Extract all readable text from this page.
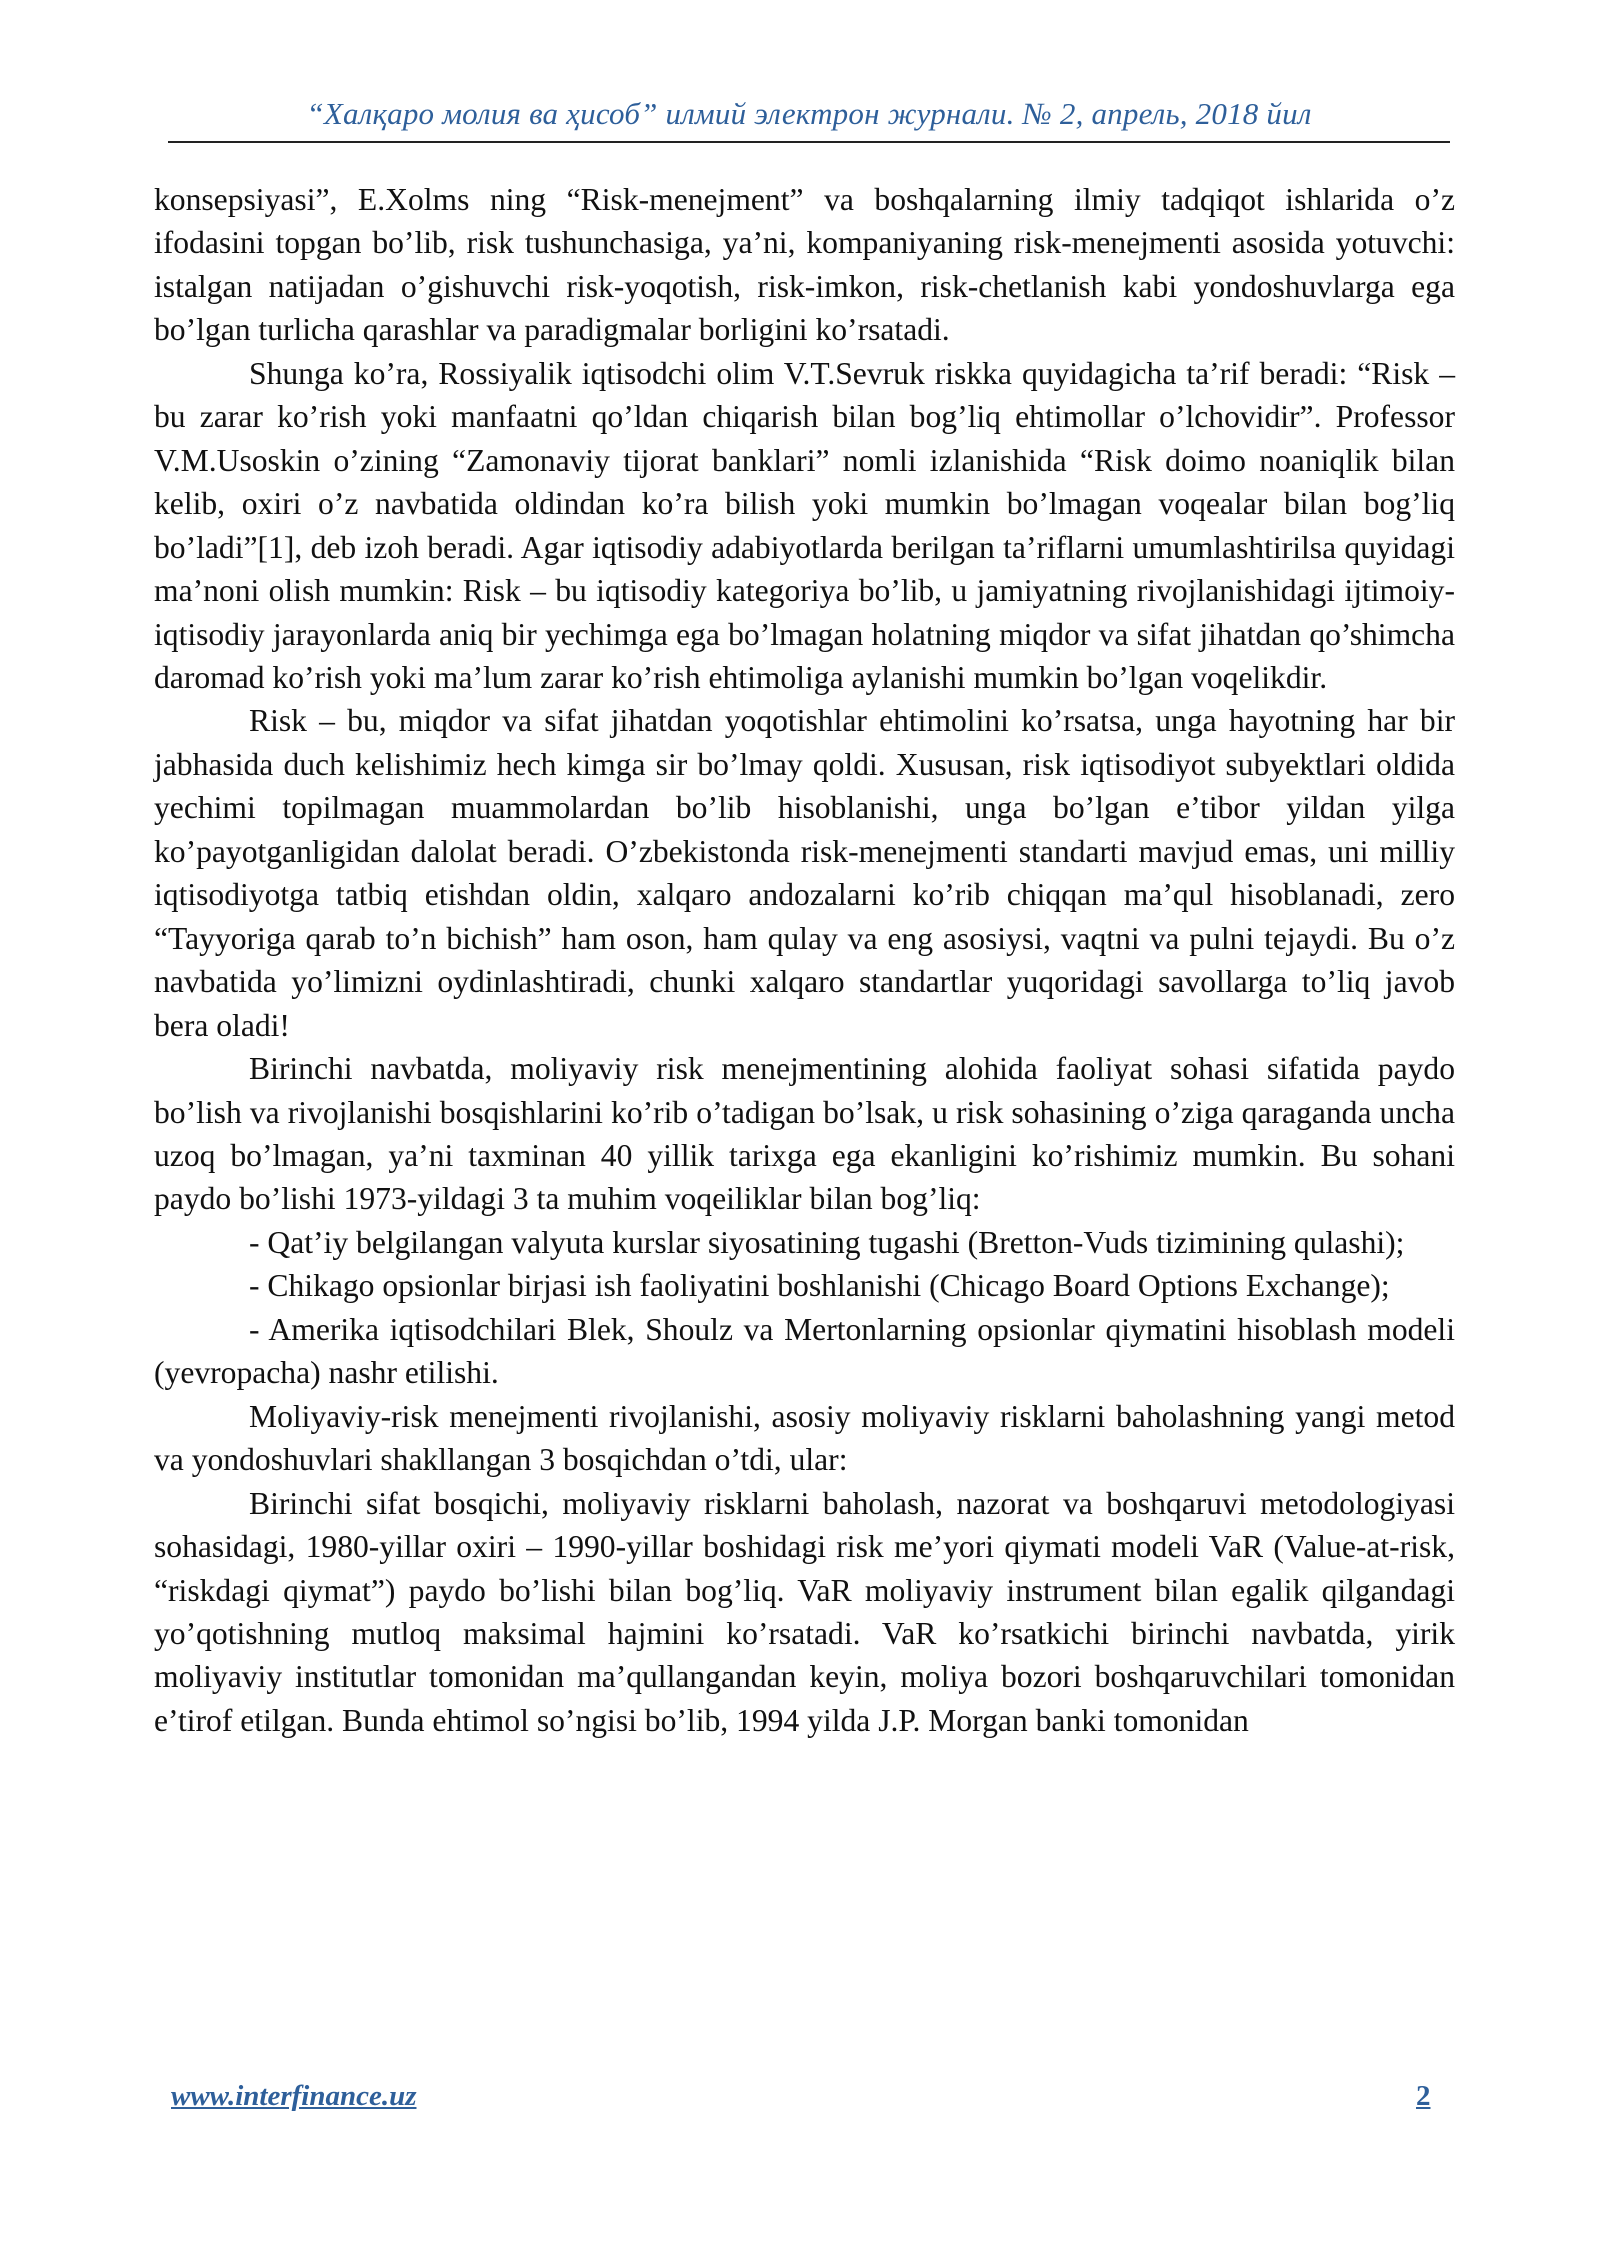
“Халқаро молия ва ҳисоб” илмий электрон журнали. № 2, апрель, 2018 йил

konsepsiyasi”, E.Xolms ning “Risk-menejment” va boshqalarning ilmiy tadqiqot ishlarida o’z ifodasini topgan bo’lib, risk tushunchasiga, ya’ni, kompaniyaning risk-menejmenti asosida yotuvchi: istalgan natijadan o’gishuvchi risk-yoqotish, risk-imkon, risk-chetlanish kabi yondoshuvlarga ega bo’lgan turlicha qarashlar va paradigmalar borligini ko’rsatadi.

Shunga ko’ra, Rossiyalik iqtisodchi olim V.T.Sevruk riskka quyidagicha ta’rif beradi: “Risk – bu zarar ko’rish yoki manfaatni qo’ldan chiqarish bilan bog’liq ehtimollar o’lchovidir”. Professor V.M.Usoskin o’zining “Zamonaviy tijorat banklari” nomli izlanishida “Risk doimo noaniqlik bilan kelib, oxiri o’z navbatida oldindan ko’ra bilish yoki mumkin bo’lmagan voqealar bilan bog’liq bo’ladi”[1], deb izoh beradi. Agar iqtisodiy adabiyotlarda berilgan ta’riflarni umumlashtirilsa quyidagi ma’noni olish mumkin: Risk – bu iqtisodiy kategoriya bo’lib, u jamiyatning rivojlanishidagi ijtimoiy-iqtisodiy jarayonlarda aniq bir yechimga ega bo’lmagan holatning miqdor va sifat jihatdan qo’shimcha daromad ko’rish yoki ma’lum zarar ko’rish ehtimoliga aylanishi mumkin bo’lgan voqelikdir.

Risk – bu, miqdor va sifat jihatdan yoqotishlar ehtimolini ko’rsatsa, unga hayotning har bir jabhasida duch kelishimiz hech kimga sir bo’lmay qoldi. Xususan, risk iqtisodiyot subyektlari oldida yechimi topilmagan muammolardan bo’lib hisoblanishi, unga bo’lgan e’tibor yildan yilga ko’payotganligidan dalolat beradi. O’zbekistonda risk-menejmenti standarti mavjud emas, uni milliy iqtisodiyotga tatbiq etishdan oldin, xalqaro andozalarni ko’rib chiqqan ma’qul hisoblanadi, zero “Tayyoriga qarab to’n bichish” ham oson, ham qulay va eng asosiysi, vaqtni va pulni tejaydi. Bu o’z navbatida yo’limizni oydinlashtiradi, chunki xalqaro standartlar yuqoridagi savollarga to’liq javob bera oladi!

Birinchi navbatda, moliyaviy risk menejmentining alohida faoliyat sohasi sifatida paydo bo’lish va rivojlanishi bosqishlarini ko’rib o’tadigan bo’lsak, u risk sohasining o’ziga qaraganda uncha uzoq bo’lmagan, ya’ni taxminan 40 yillik tarixga ega ekanligini ko’rishimiz mumkin. Bu sohani paydo bo’lishi 1973-yildagi 3 ta muhim voqeiliklar bilan bog’liq:

- Qat’iy belgilangan valyuta kurslar siyosatining tugashi (Bretton-Vuds tizimining qulashi);

- Chikago opsionlar birjasi ish faoliyatini boshlanishi (Chicago Board Options Exchange);

- Amerika iqtisodchilari Blek, Shoulz va Mertonlarning opsionlar qiymatini hisoblash modeli (yevropacha) nashr etilishi.

Moliyaviy-risk menejmenti rivojlanishi, asosiy moliyaviy risklarni baholashning yangi metod va yondoshuvlari shakllangan 3 bosqichdan o’tdi, ular:

Birinchi sifat bosqichi, moliyaviy risklarni baholash, nazorat va boshqaruvi metodologiyasi sohasidagi, 1980-yillar oxiri – 1990-yillar boshidagi risk me’yori qiymati modeli VaR (Value-at-risk, “riskdagi qiymat”) paydo bo’lishi bilan bog’liq. VaR moliyaviy instrument bilan egalik qilgandagi yo’qotishning mutloq maksimal hajmini ko’rsatadi. VaR ko’rsatkichi birinchi navbatda, yirik moliyaviy institutlar tomonidan ma’qullangandan keyin, moliya bozori boshqaruvchilari tomonidan e’tirof etilgan. Bunda ehtimol so’ngisi bo’lib, 1994 yilda J.P. Morgan banki tomonidan

www.interfinance.uz	2
